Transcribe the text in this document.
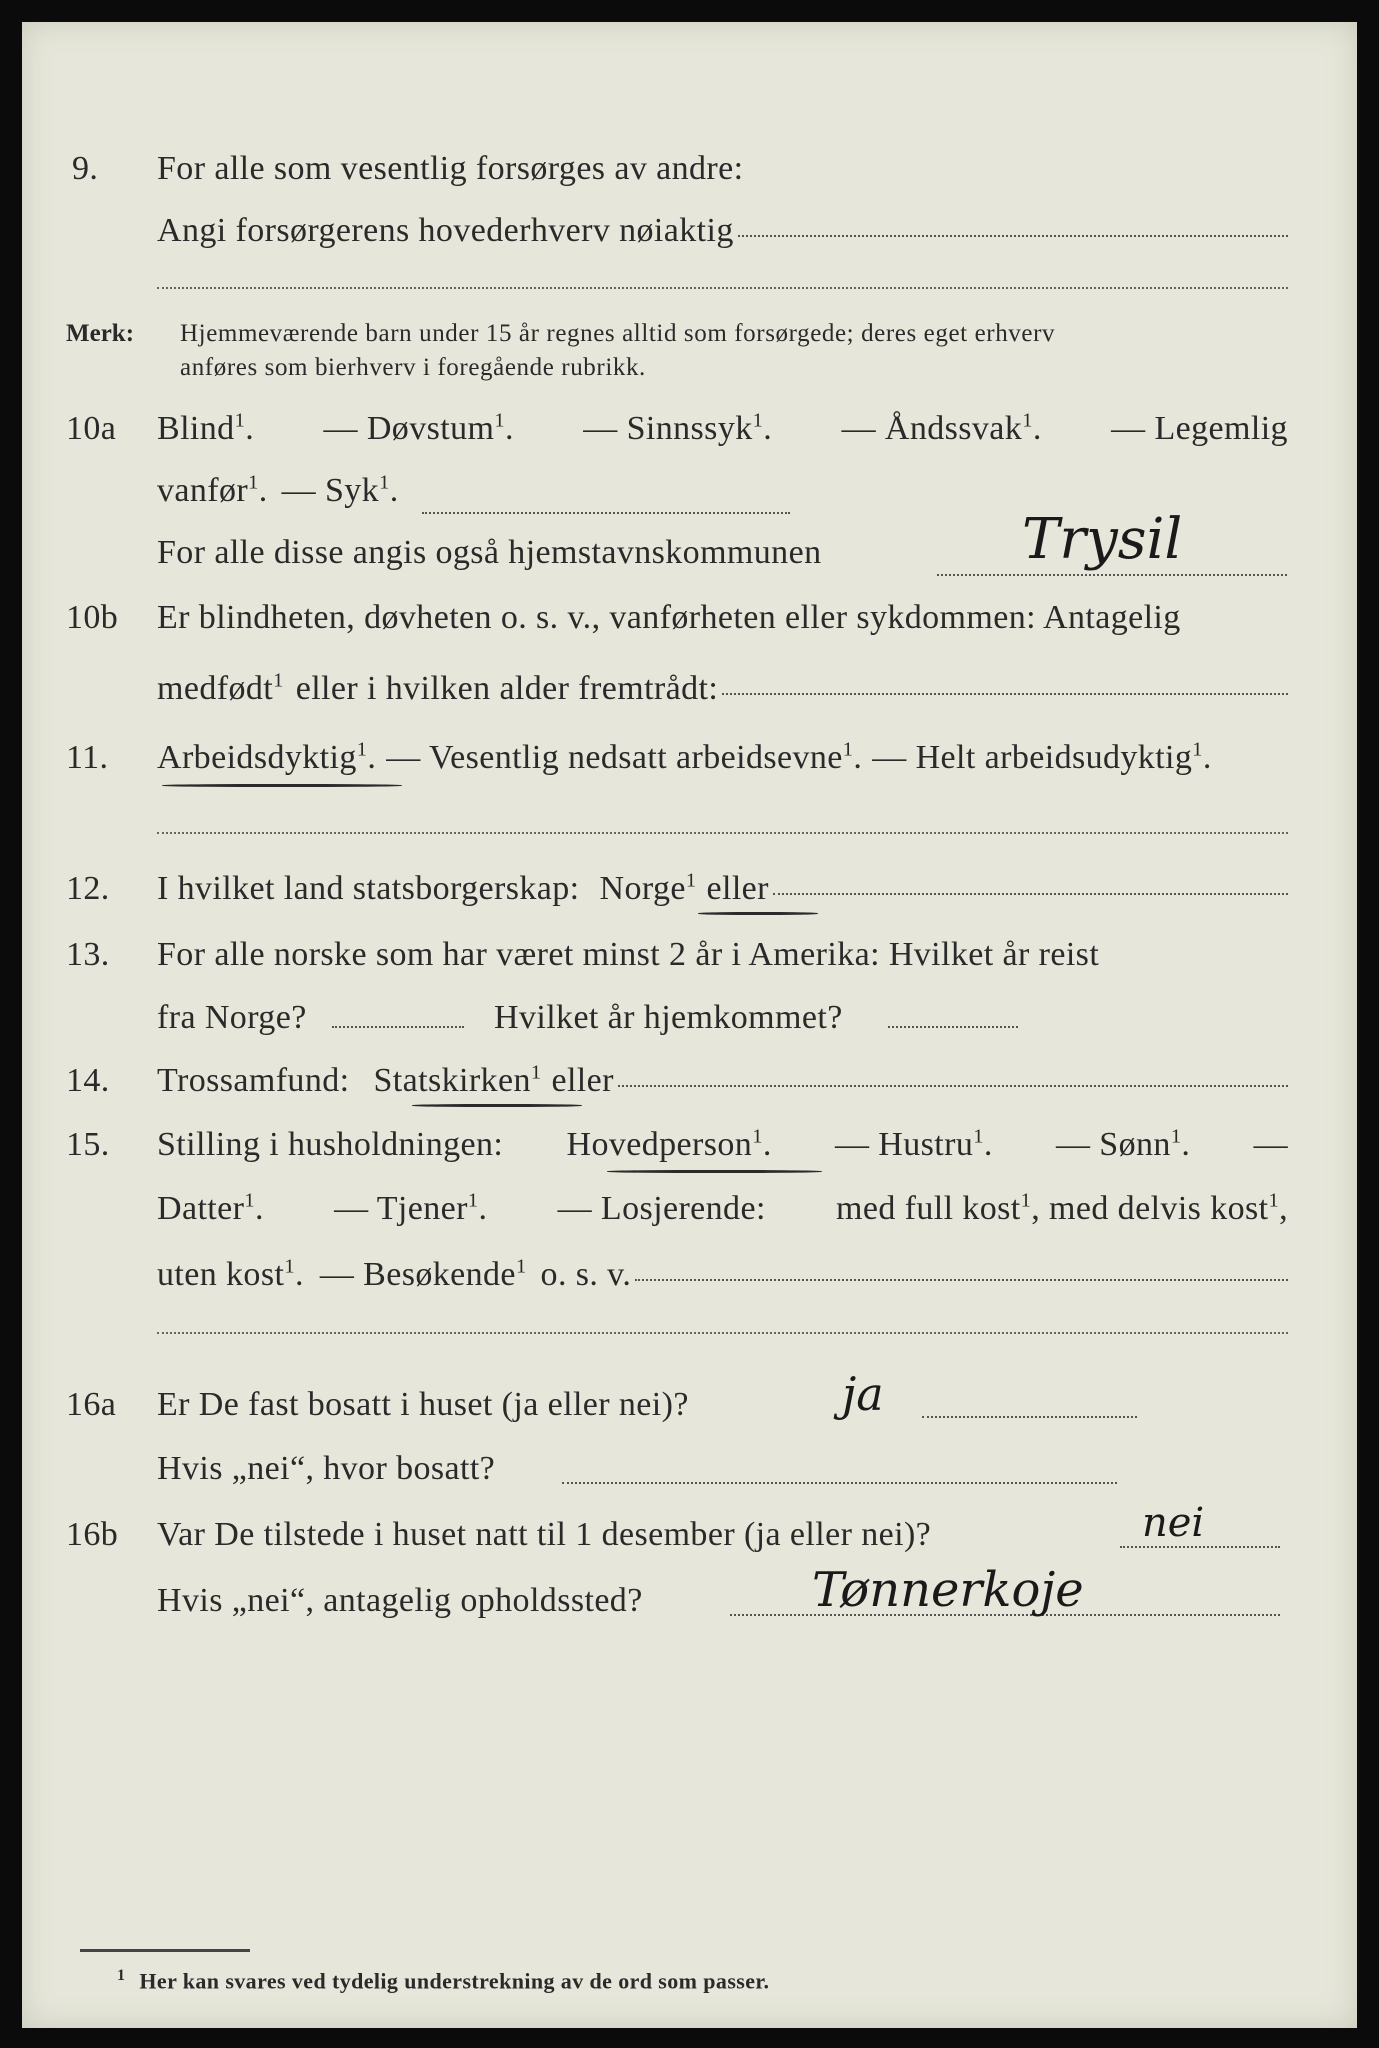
9. For alle som vesentlig forsørges av andre:
Angi forsørgerens hovederhverv nøiaktig
Merk: Hjemmeværende barn under 15 år regnes alltid som forsørgede; deres eget erhverv
anføres som bierhverv i foregående rubrikk.
10a Blind$^1$. — Døvstum$^1$. — Sinnssyk$^1$. — Åndssvak$^1$. — Legemlig
vanfør$^1$. — Syk$^1$.
For alle disse angis også hjemstavnskommunen	Trysil
10b Er blindheten, døvheten o. s. v., vanførheten eller sykdommen: Antagelig
medfødt$^1$ eller i hvilken alder fremtrådt:
11. Arbeidsdyktig$^1$. — Vesentlig nedsatt arbeidsevne$^1$. — Helt arbeidsudyktig$^1$.
12. I hvilket land statsborgerskap: Norge$^1$ eller
13. For alle norske som har været minst 2 år i Amerika: Hvilket år reist
fra Norge?	Hvilket år hjemkommet?
14. Trossamfund: Statskirken$^1$ eller
15. Stilling i husholdningen: Hovedperson$^1$. — Hustru$^1$. — Sønn$^1$. —
Datter$^1$. — Tjener$^1$. — Losjerende: med full kost$^1$, med delvis kost$^1$,
uten kost$^1$. — Besøkende$^1$ o. s. v.
16a Er De fast bosatt i huset (ja eller nei)?	ja
Hvis „nei“, hvor bosatt?
16b Var De tilstede i huset natt til 1 desember (ja eller nei)?	nei
Hvis „nei“, antagelig opholdssted?	Tønnerkoje
$^1$ Her kan svares ved tydelig understrekning av de ord som passer.
